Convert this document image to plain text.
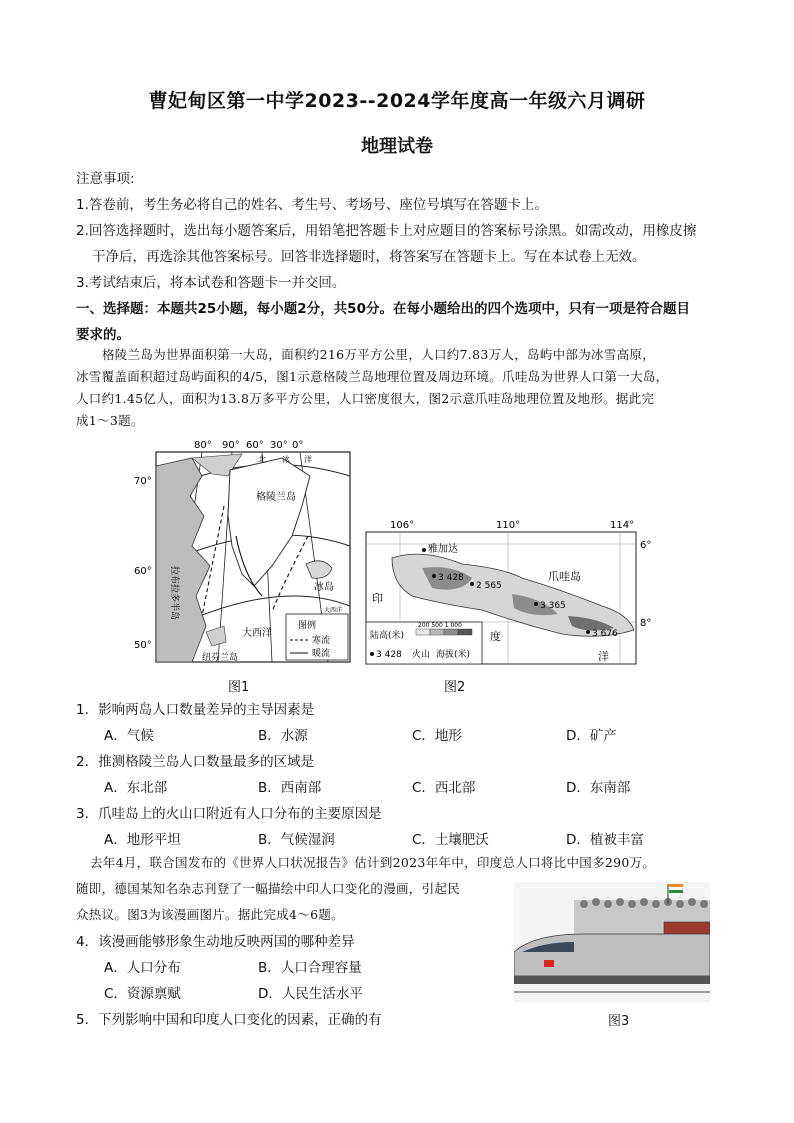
曹妃甸区第一中学2023--2024学年度高一年级六月调研
地理试卷
注意事项:
1.答卷前，考生务必将自己的姓名、考生号、考场号、座位号填写在答题卡上。
2.回答选择题时，选出每小题答案后，用铅笔把答题卡上对应题目的答案标号涂黑。如需改动，用橡皮擦
干净后，再选涂其他答案标号。回答非选择题时，将答案写在答题卡上。写在本试卷上无效。
3.考试结束后，将本试卷和答题卡一并交回。
一、选择题：本题共25小题，每小题2分，共50分。在每小题给出的四个选项中，只有一项是符合题目
要求的。
格陵兰岛为世界面积第一大岛，面积约216万平方公里，人口约7.83万人，岛屿中部为冰雪高原，
冰雪覆盖面积超过岛屿面积的4/5，图1示意格陵兰岛地理位置及周边环境。爪哇岛为世界人口第一大岛，
人口约1.45亿人，面积为13.8万多平方公里，人口密度很大，图2示意爪哇岛地理位置及地形。据此完
成1～3题。
图例
寒流
暖流
80° 90° 60° 30° 0°
70°
60°
50°
北 冰 洋
格陵兰岛
冰岛
大西洋
纽芬兰岛
拉布拉多半岛	大西洋
图1
陆高(米)
200 500 1 000
3 428 火山 海拔(米)
106°	110°	114°
6°
8°
雅加达
爪哇岛
印
度
洋
3 428
2 565
3 365
3 676
图2
1．影响两岛人口数量差异的主导因素是
A．气候	B．水源	C．地形	D．矿产
2．推测格陵兰岛人口数量最多的区域是
A．东北部	B．西南部	C．西北部	D．东南部
3．爪哇岛上的火山口附近有人口分布的主要原因是
A．地形平坦	B．气候湿润	C．土壤肥沃	D．植被丰富
去年4月，联合国发布的《世界人口状况报告》估计到2023年年中，印度总人口将比中国多290万。
随即，德国某知名杂志刊登了一幅描绘中印人口变化的漫画，引起民
众热议。图3为该漫画图片。据此完成4～6题。
图3
4．该漫画能够形象生动地反映两国的哪种差异
A．人口分布	B．人口合理容量
C．资源禀赋	D．人民生活水平
5．下列影响中国和印度人口变化的因素，正确的有
